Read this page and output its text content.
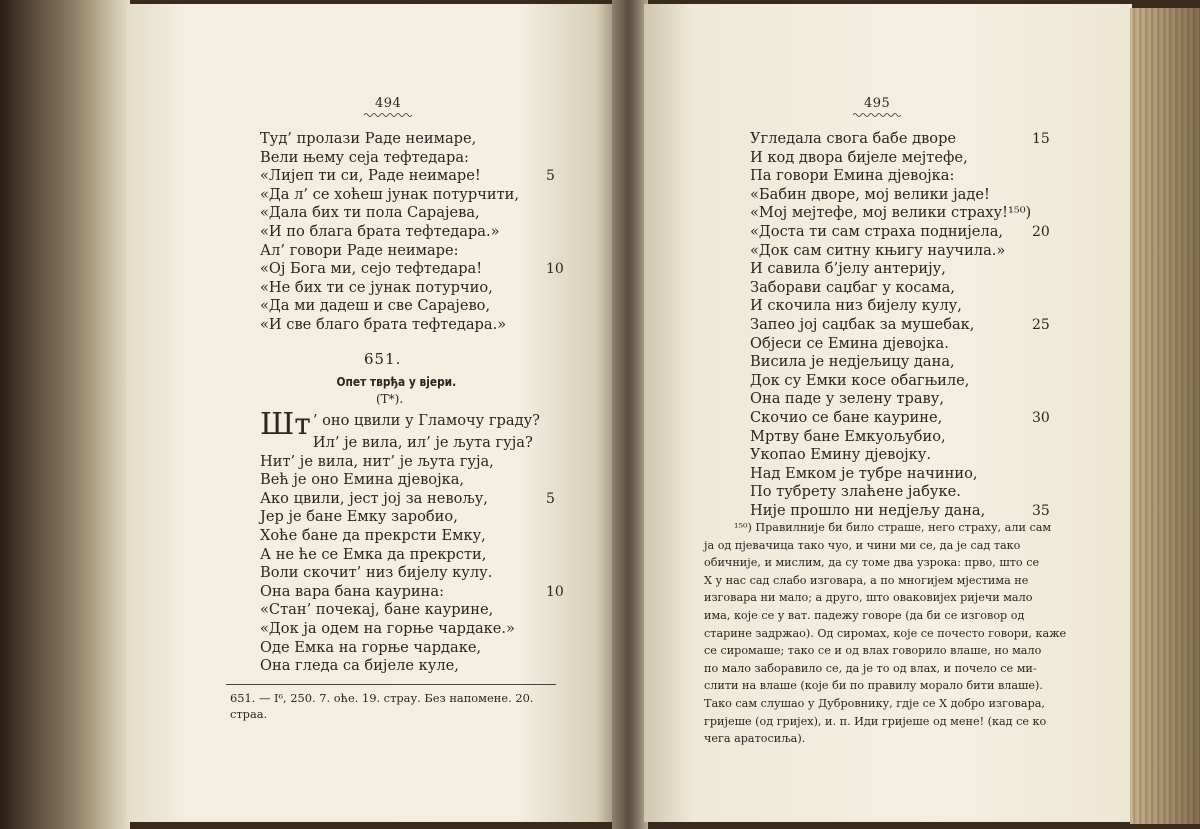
494
Туд’ пролази Раде неимаре,
Вели њему сеја тефтедара:
«Лијеп ти си, Раде неимаре!	5
«Да л’ се хоћеш јунак потурчити,
«Дала бих ти пола Сарајева,
«И по блага брата тефтедара.»
Ал’ говори Раде неимаре:
«Ој Бога ми, сејо тефтедара!	10
«Не бих ти се јунак потурчио,
«Да ми дадеш и све Сарајево,
«И све благо брата тефтедара.»
651.
Опет тврђа у вјери.
(Т*).
Шт ’ оно цвили у Гламочу граду?
Ил’ је вила, ил’ је љута гуја?
Нит’ је вила, нит’ је љута гуја,
Већ је оно Емина дјевојка,
Ако цвили, јест јој за невољу,	5
Јер је бане Емку заробио,
Хоће бане да прекрсти Емку,
А не ће се Емка да прекрсти,
Воли скочит’ низ бијелу кулу.
Она вара бана каурина:	10
«Стан’ почекај, бане каурине,
«Док ја одем на горње чардаке.»
Оде Емка на горње чардаке,
Она гледа са бијеле куле,
651. — I⁶, 250. 7. оће. 19. страу. Без напомене. 20. страа.
495
Угледала свога бабе дворе	15
И код двора бијеле мејтефе,
Па говори Емина дјевојка:
«Бабин дворе, мој велики јаде!
«Мој мејтефе, мој велики страху!¹⁵⁰)
«Доста ти сам страха поднијела, 20
«Док сам ситну књигу научила.»
И савила б’јелу антерију,
Заборави саџбаг у косама,
И скочила низ бијелу кулу,
Запео јој саџбак за мушебак,	25
Објеси се Емина дјевојка.
Висила је недјељицу дана,
Док су Емки косе обагњиле,
Она паде у зелену траву,
Скочио се бане каурине,	30
Мртву бане Емкуољубио,
Укопао Емину дјевојку.
Над Емком је тубре начинио,
По тубрету злаћене јабуке.
Није прошло ни недјељу дана,	35
¹⁵⁰) Правилније би било страше, него страху, али сам
ја од пјевачица тако чуо, и чини ми се, да је сад тако
обичније, и мислим, да су томе два узрока: прво, што се
Х у нас сад слабо изговара, а по многијем мјестима не
изговара ни мало; а друго, што оваковијех ријечи мало
има, које се у ват. падежу говоре (да би се изговор од
старине задржао). Од сиромах, које се почесто говори, каже
се сиромаше; тако се и од влах говорило влаше, но мало
по мало заборавило се, да је то од влах, и почело се ми-
слити на влаше (које би по правилу морало бити влаше).
Тако сам слушао у Дубровнику, гдје се Х добро изговара,
гријеше (од гријех), и. п. Иди гријеше од мене! (кад се ко
чега аратосиља).
